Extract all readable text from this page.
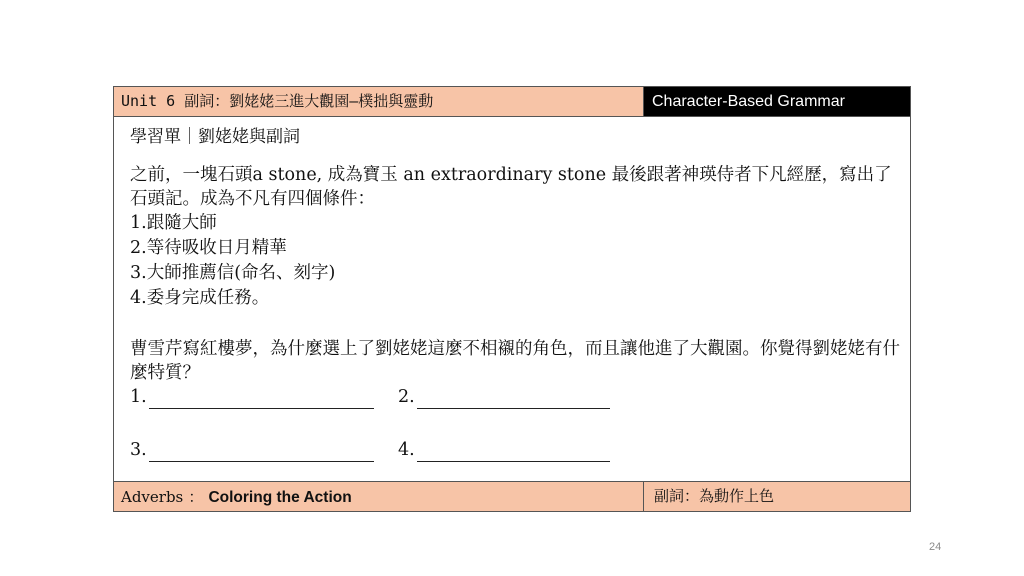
Unit 6 副詞：劉姥姥三進大觀園—樸拙與靈動	Character-Based Grammar
學習單｜劉姥姥與副詞

之前，一塊石頭a stone, 成為寶玉 an extraordinary stone 最後跟著神瑛侍者下凡經歷，寫出了石頭記。成為不凡有四個條件：

1.跟隨大師
2.等待吸收日月精華
3.大師推薦信(命名、刻字)
4.委身完成任務。

曹雪芹寫紅樓夢，為什麼選上了劉姥姥這麼不相襯的角色，而且讓他進了大觀園。你覺得劉姥姥有什麼特質？

1.	2.
3.	4.
Adverbs ： Coloring the Action	副詞：為動作上色
24
